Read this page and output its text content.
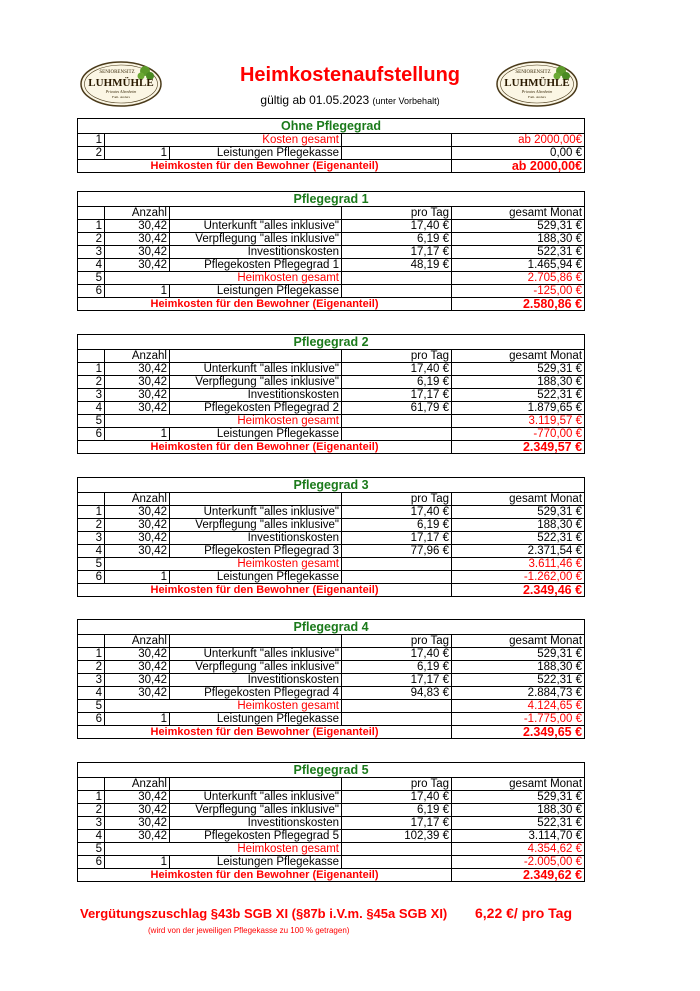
SENIORENSITZ
LUHMÜHLE
Privates Altenheim
Fam. Anders
SENIORENSITZ
LUHMÜHLE
Privates Altenheim
Fam. Anders
Heimkostenaufstellung
gültig ab 01.05.2023 (unter Vorbehalt)
Ohne Pflegegrad				
1	Kosten gesamt			ab 2000,00€
2	1	Leistungen Pflegekasse		0,00 €
Heimkosten für den Bewohner (Eigenanteil)				ab 2000,00€
Pflegegrad 1				
	Anzahl		pro Tag	gesamt Monat
1	30,42	Unterkunft "alles inklusive"	17,40 €	529,31 €
2	30,42	Verpflegung "alles inklusive"	6,19 €	188,30 €
3	30,42	Investitionskosten	17,17 €	522,31 €
4	30,42	Pflegekosten Pflegegrad 1	48,19 €	1.465,94 €
5	Heimkosten gesamt			2.705,86 €
6	1	Leistungen Pflegekasse		-125,00 €
Heimkosten für den Bewohner (Eigenanteil)				2.580,86 €
Pflegegrad 2				
	Anzahl		pro Tag	gesamt Monat
1	30,42	Unterkunft "alles inklusive"	17,40 €	529,31 €
2	30,42	Verpflegung "alles inklusive"	6,19 €	188,30 €
3	30,42	Investitionskosten	17,17 €	522,31 €
4	30,42	Pflegekosten Pflegegrad 2	61,79 €	1.879,65 €
5	Heimkosten gesamt			3.119,57 €
6	1	Leistungen Pflegekasse		-770,00 €
Heimkosten für den Bewohner (Eigenanteil)				2.349,57 €
Pflegegrad 3				
	Anzahl		pro Tag	gesamt Monat
1	30,42	Unterkunft "alles inklusive"	17,40 €	529,31 €
2	30,42	Verpflegung "alles inklusive"	6,19 €	188,30 €
3	30,42	Investitionskosten	17,17 €	522,31 €
4	30,42	Pflegekosten Pflegegrad 3	77,96 €	2.371,54 €
5	Heimkosten gesamt			3.611,46 €
6	1	Leistungen Pflegekasse		-1.262,00 €
Heimkosten für den Bewohner (Eigenanteil)				2.349,46 €
Pflegegrad 4				
	Anzahl		pro Tag	gesamt Monat
1	30,42	Unterkunft "alles inklusive"	17,40 €	529,31 €
2	30,42	Verpflegung "alles inklusive"	6,19 €	188,30 €
3	30,42	Investitionskosten	17,17 €	522,31 €
4	30,42	Pflegekosten Pflegegrad 4	94,83 €	2.884,73 €
5	Heimkosten gesamt			4.124,65 €
6	1	Leistungen Pflegekasse		-1.775,00 €
Heimkosten für den Bewohner (Eigenanteil)				2.349,65 €
Pflegegrad 5				
	Anzahl		pro Tag	gesamt Monat
1	30,42	Unterkunft "alles inklusive"	17,40 €	529,31 €
2	30,42	Verpflegung "alles inklusive"	6,19 €	188,30 €
3	30,42	Investitionskosten	17,17 €	522,31 €
4	30,42	Pflegekosten Pflegegrad 5	102,39 €	3.114,70 €
5	Heimkosten gesamt			4.354,62 €
6	1	Leistungen Pflegekasse		-2.005,00 €
Heimkosten für den Bewohner (Eigenanteil)				2.349,62 €
Vergütungszuschlag §43b SGB XI (§87b i.V.m. §45a SGB XI) 6,22 €/ pro Tag
(wird von der jeweiligen Pflegekasse zu 100 % getragen)
